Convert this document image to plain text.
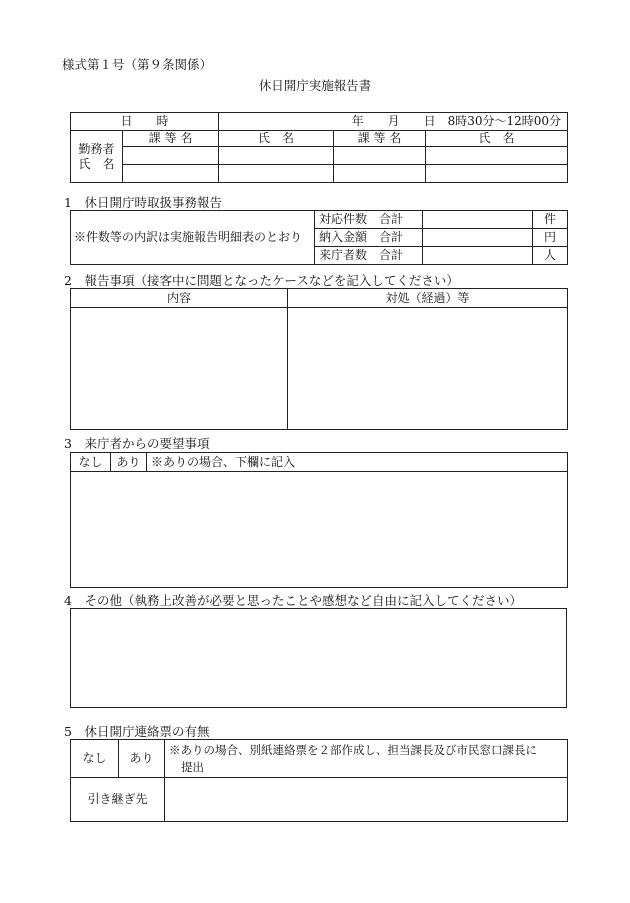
様式第１号（第９条関係）
休日開庁実施報告書
日　　時		年　　月　　日　8時30分～12時00分		

勤務者
氏　名	課 等 名	氏　名	課 等 名	氏　名

1　休日開庁時取扱事務報告
※件数等の内訳は実施報告明細表のとおり	対応件数　合計		件
	納入金額　合計		円
	来庁者数　合計		人
2　報告事項（接客中に問題となったケースなどを記入してください）
内容	対処（経過）等

3　来庁者からの要望事項
なし	あり	※ありの場合、下欄に記入

4　その他（執務上改善が必要と思ったことや感想など自由に記入してください）
5　休日開庁連絡票の有無
なし	あり	※ありの場合、別紙連絡票を２部作成し、担当課長及び市民窓口課長に
提出

引き継ぎ先		
